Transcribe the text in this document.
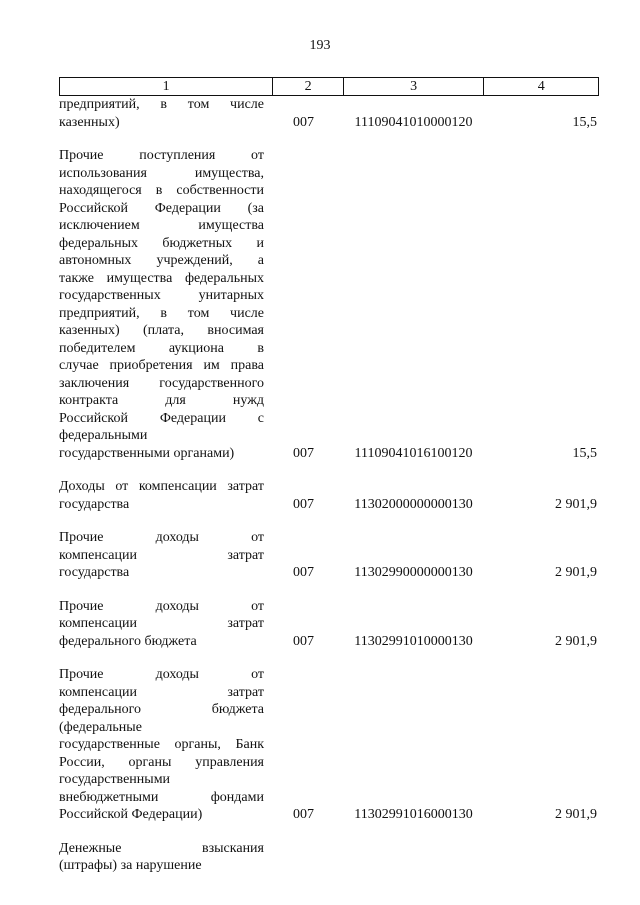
193
1	2	3	4
предприятий, в том числе
казенных)	007	11109041010000120	15,5
Прочие поступления от
использования имущества,
находящегося в собственности
Российской Федерации (за
исключением имущества
федеральных бюджетных и
автономных учреждений, а
также имущества федеральных
государственных унитарных
предприятий, в том числе
казенных) (плата, вносимая
победителем аукциона в
случае приобретения им права
заключения государственного
контракта для нужд
Российской Федерации с
федеральными
государственными органами)	007	11109041016100120	15,5
Доходы от компенсации затрат
государства	007	11302000000000130	2 901,9
Прочие доходы от
компенсации затрат
государства	007	11302990000000130	2 901,9
Прочие доходы от
компенсации затрат
федерального бюджета	007	11302991010000130	2 901,9
Прочие доходы от
компенсации затрат
федерального бюджета
(федеральные
государственные органы, Банк
России, органы управления
государственными
внебюджетными фондами
Российской Федерации)	007	11302991016000130	2 901,9
Денежные взыскания
(штрафы) за нарушение
